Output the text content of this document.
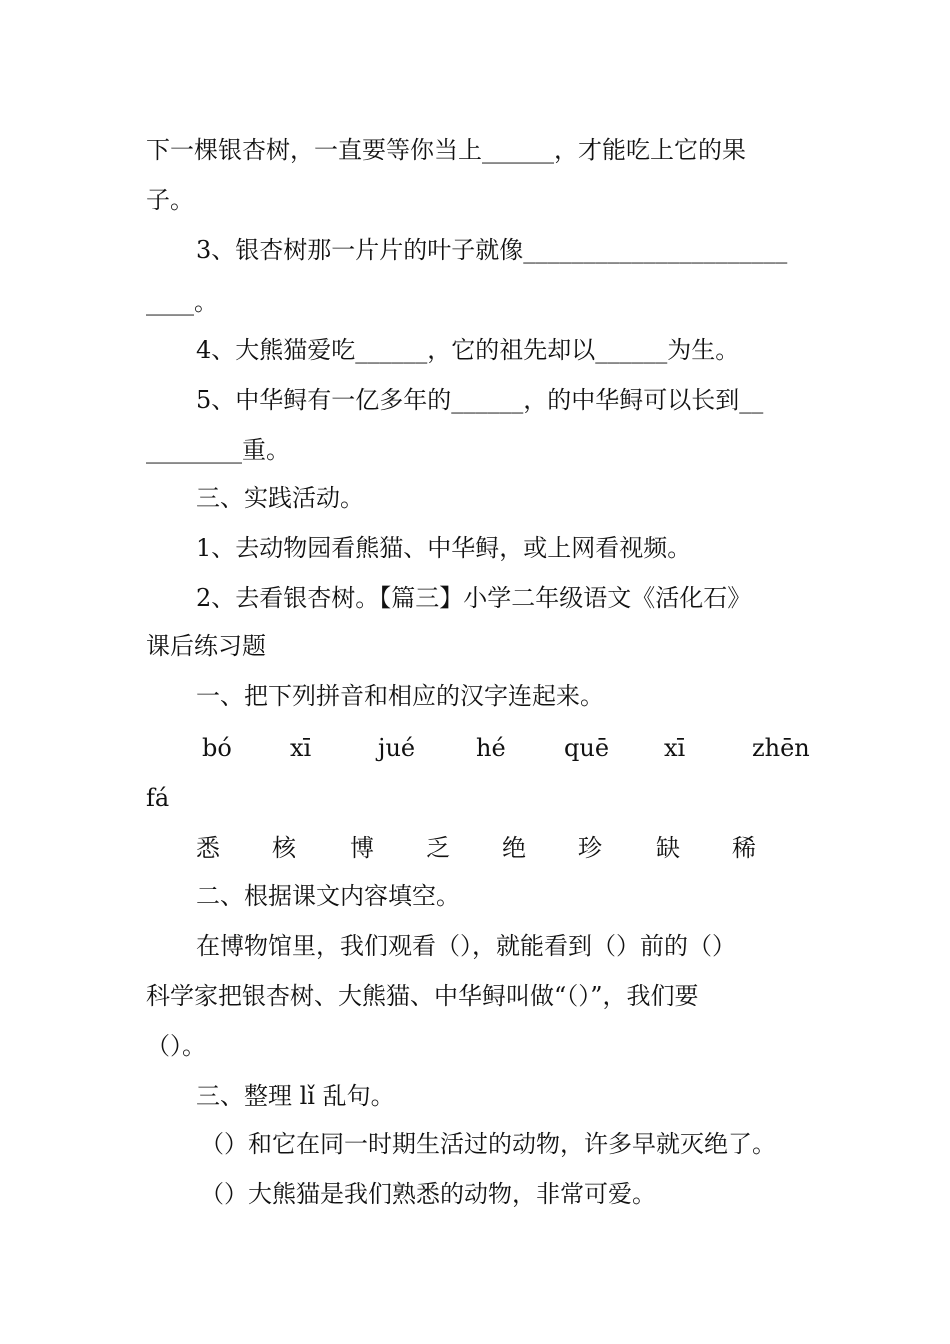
下一棵银杏树，一直要等你当上______，才能吃上它的果
子。
3、银杏树那一片片的叶子就像______________________
____。
4、大熊猫爱吃______，它的祖先却以______为生。
5、中华鲟有一亿多年的______，的中华鲟可以长到__
________重。
三、实践活动。
1、去动物园看熊猫、中华鲟，或上网看视频。
2、去看银杏树。【篇三】小学二年级语文《活化石》
课后练习题
一、把下列拼音和相应的汉字连起来。
bó xī	jué	hé quē xī	zhēn
fá
悉 核 博 乏 绝 珍 缺 稀
二、根据课文内容填空。
在博物馆里，我们观看（），就能看到（）前的（）
科学家把银杏树、大熊猫、中华鲟叫做“（）”，我们要
（）。
三、整理 lǐ 乱句。
（）和它在同一时期生活过的动物，许多早就灭绝了。
（）大熊猫是我们熟悉的动物，非常可爱。
